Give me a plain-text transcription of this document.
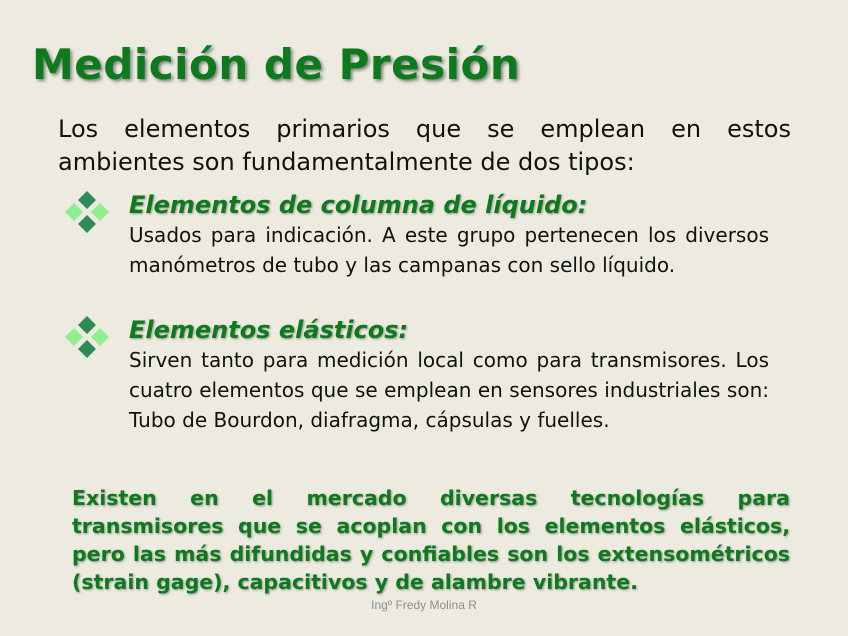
Medición de Presión
Los elementos primarios que se emplean en estos ambientes son fundamentalmente de dos tipos:
Elementos de columna de líquido:
Usados para indicación. A este grupo pertenecen los diversos manómetros de tubo y las campanas con sello líquido.
Elementos elásticos:
Sirven tanto para medición local como para transmisores. Los cuatro elementos que se emplean en sensores industriales son: Tubo de Bourdon, diafragma, cápsulas y fuelles.
Existen en el mercado diversas tecnologías para transmisores que se acoplan con los elementos elásticos, pero las más difundidas y confiables son los extensométricos (strain gage), capacitivos y de alambre vibrante.
Ingº Fredy Molina R
